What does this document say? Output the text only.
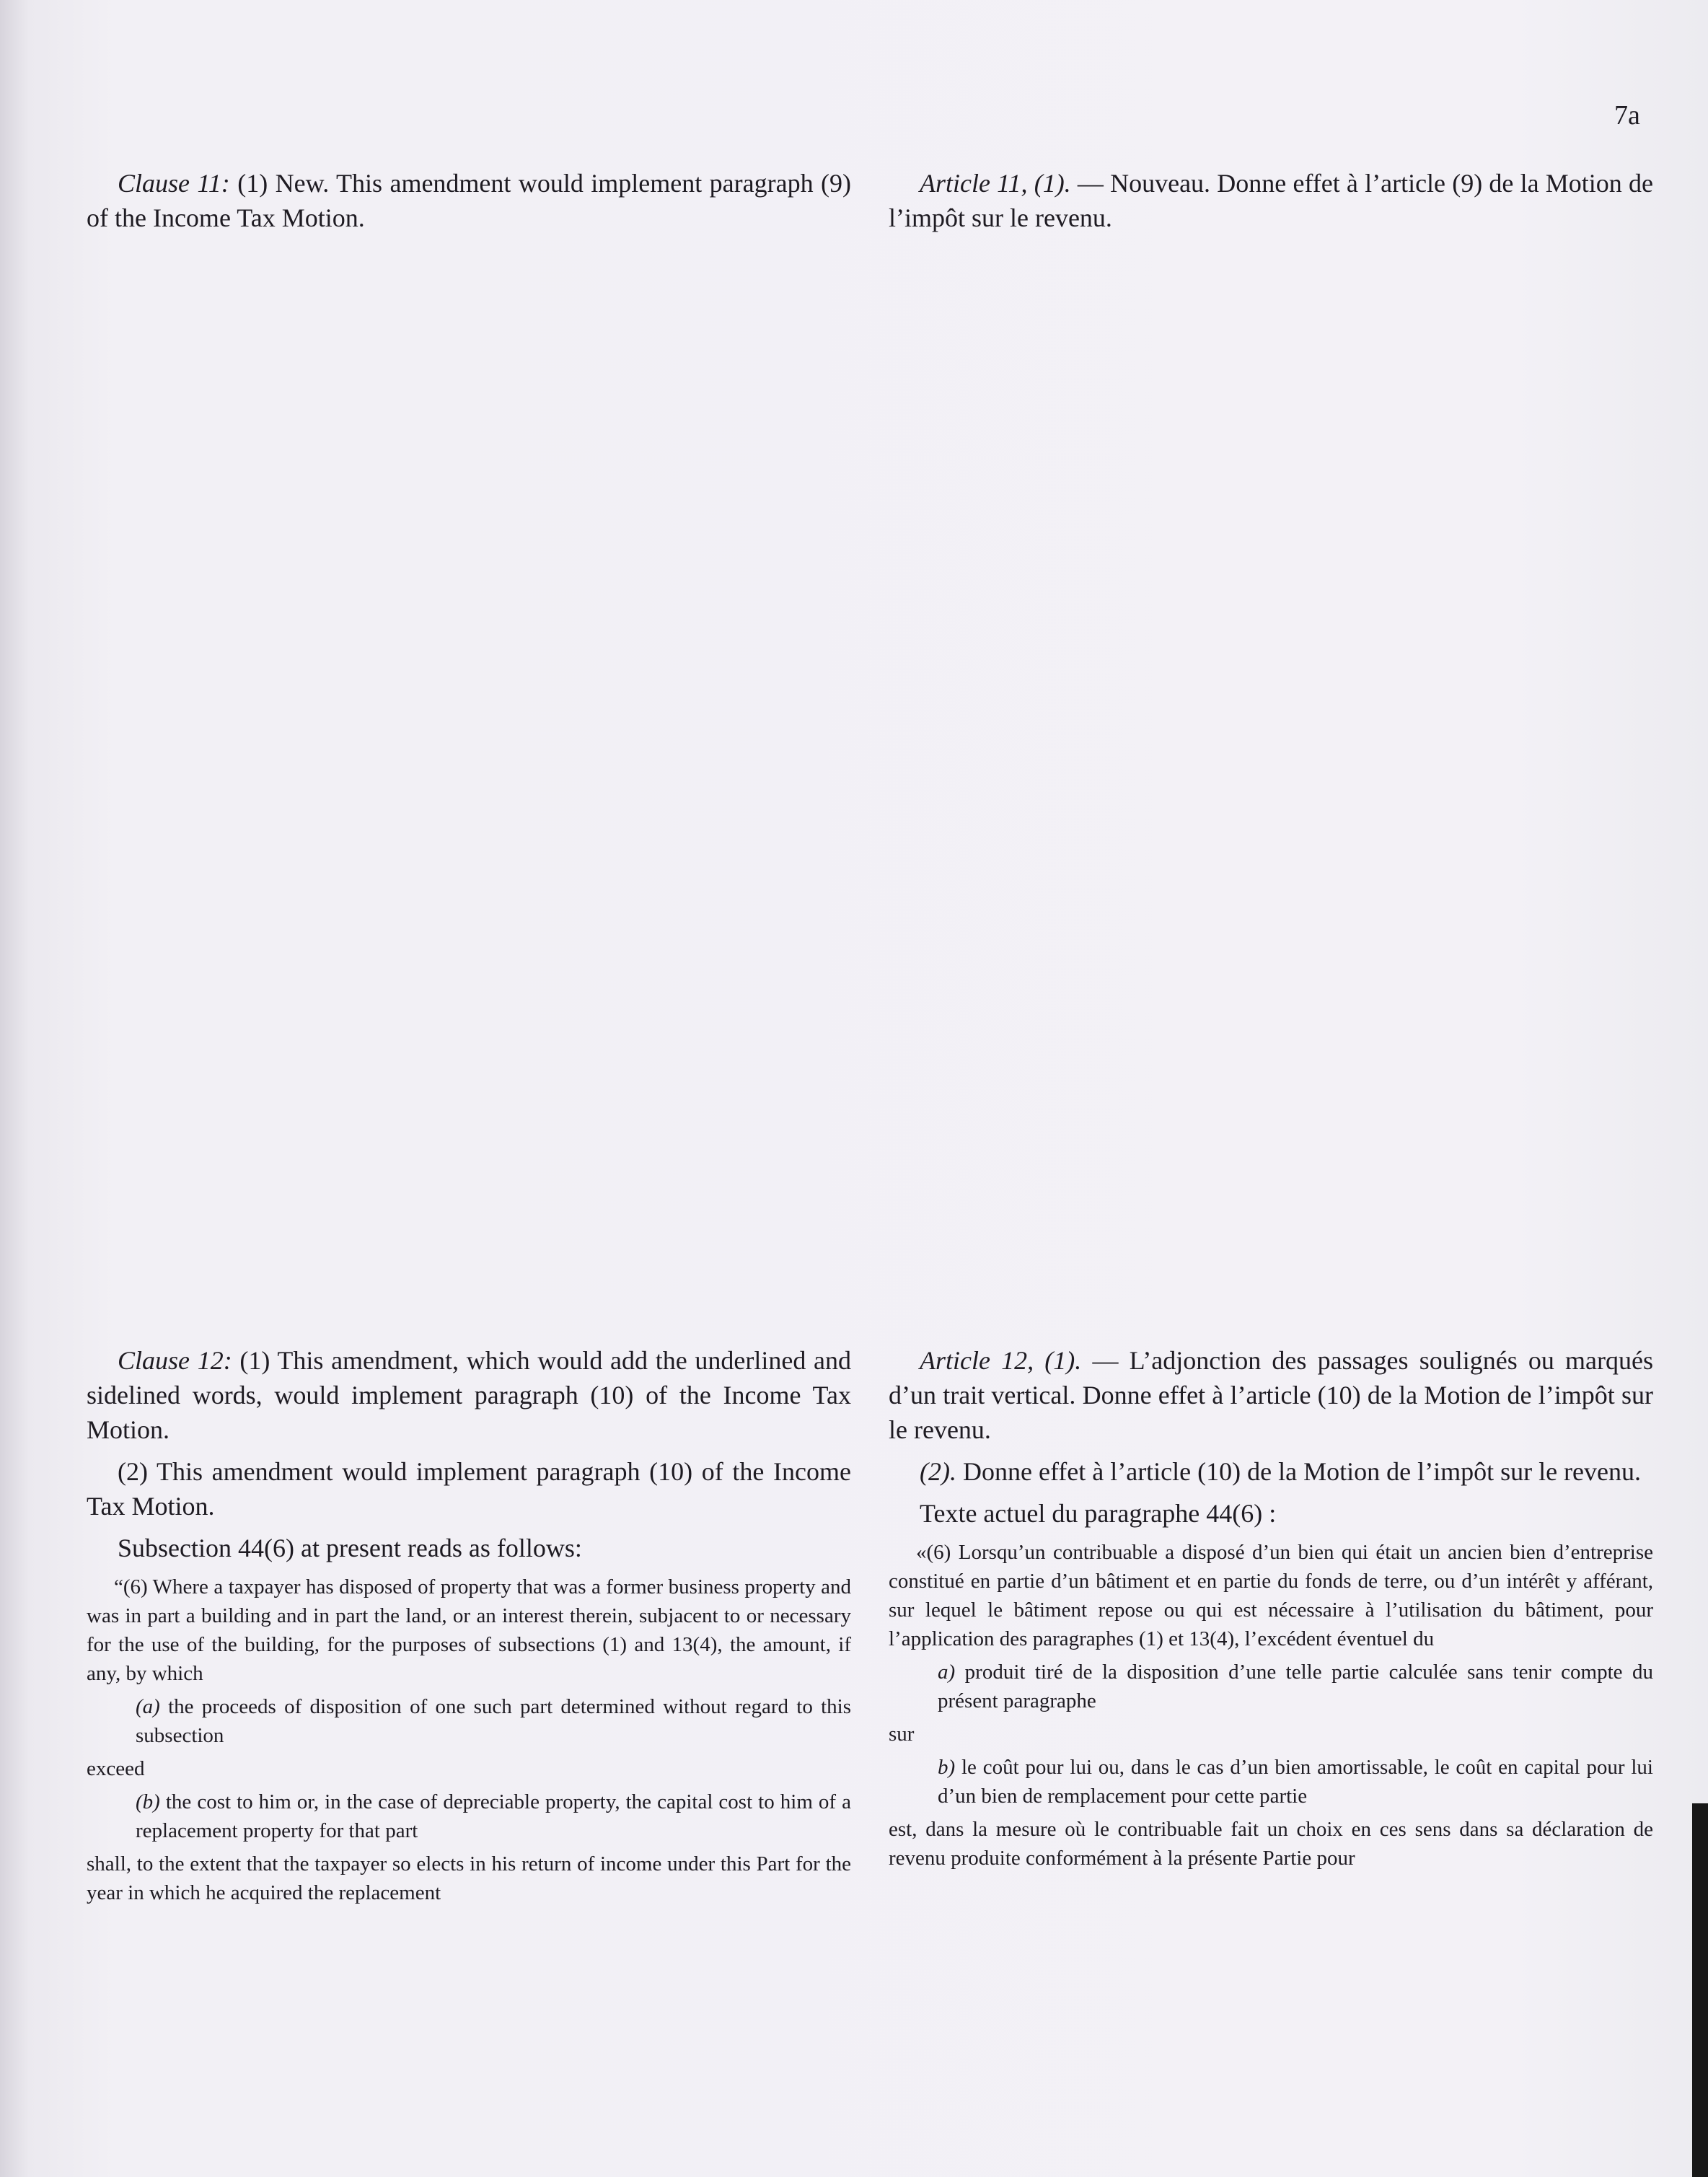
7a

Clause 11: (1) New. This amendment would implement paragraph (9) of the Income Tax Motion.

Article 11, (1). — Nouveau. Donne effet à l’article (9) de la Motion de l’impôt sur le revenu.

Clause 12: (1) This amendment, which would add the underlined and sidelined words, would implement paragraph (10) of the Income Tax Motion.

(2) This amendment would implement paragraph (10) of the Income Tax Motion.

Subsection 44(6) at present reads as follows:

“(6) Where a taxpayer has disposed of property that was a former business property and was in part a building and in part the land, or an interest therein, subjacent to or necessary for the use of the building, for the purposes of subsections (1) and 13(4), the amount, if any, by which

(a) the proceeds of disposition of one such part determined without regard to this subsection

exceed

(b) the cost to him or, in the case of depreciable property, the capital cost to him of a replacement property for that part

shall, to the extent that the taxpayer so elects in his return of income under this Part for the year in which he acquired the replacement

Article 12, (1). — L’adjonction des passages soulignés ou marqués d’un trait vertical. Donne effet à l’article (10) de la Motion de l’impôt sur le revenu.

(2). Donne effet à l’article (10) de la Motion de l’impôt sur le revenu.

Texte actuel du paragraphe 44(6) :

«(6) Lorsqu’un contribuable a disposé d’un bien qui était un ancien bien d’entreprise constitué en partie d’un bâtiment et en partie du fonds de terre, ou d’un intérêt y afférant, sur lequel le bâtiment repose ou qui est nécessaire à l’utilisation du bâtiment, pour l’application des paragraphes (1) et 13(4), l’excédent éventuel du

a) produit tiré de la disposition d’une telle partie calculée sans tenir compte du présent paragraphe

sur

b) le coût pour lui ou, dans le cas d’un bien amortissable, le coût en capital pour lui d’un bien de remplacement pour cette partie

est, dans la mesure où le contribuable fait un choix en ces sens dans sa déclaration de revenu produite conformément à la présente Partie pour
